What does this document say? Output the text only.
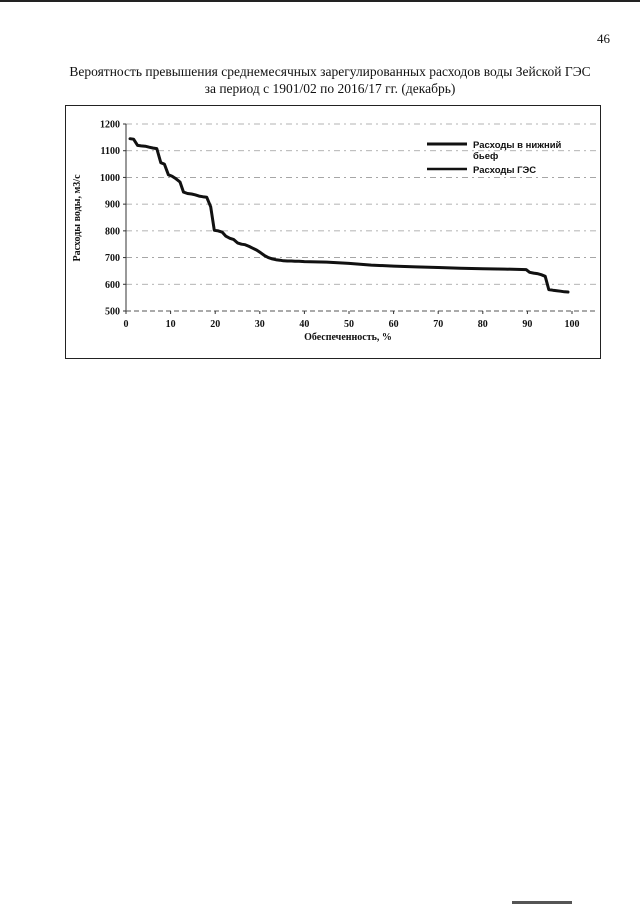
46
Вероятность превышения среднемесячных зарегулированных расходов воды Зейской ГЭС
за период с 1901/02 по 2016/17 гг. (декабрь)
500
600
700
800
900
1000
1100
1200
0	10	20	30	40	50	60	70	80	90	100
Расходы воды, м3/с
Обеспеченность, %
Расходы в нижний
бьеф
Расходы ГЭС
